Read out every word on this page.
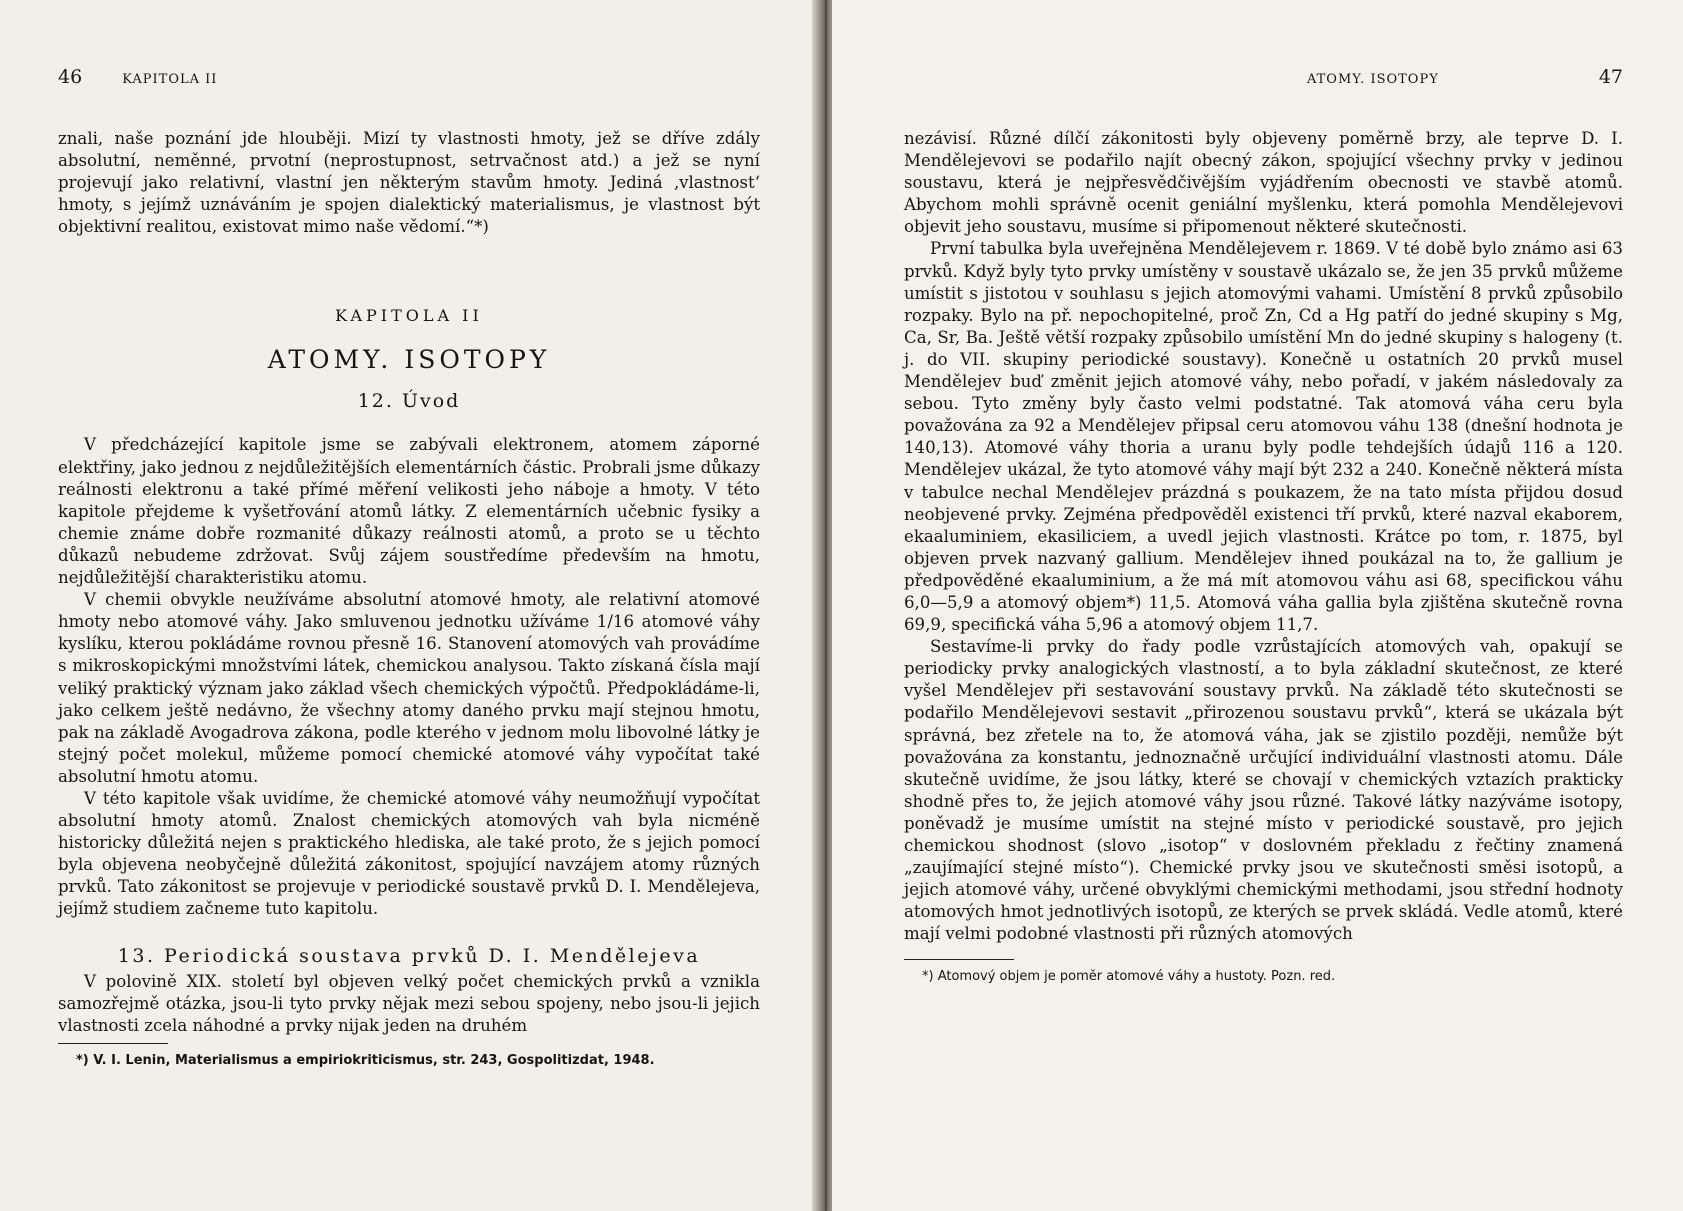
46	KAPITOLA II

znali, naše poznání jde hlouběji. Mizí ty vlastnosti hmoty, jež se dříve zdály absolutní, neměnné, prvotní (neprostupnost, setrvačnost atd.) a jež se nyní projevují jako relativní, vlastní jen některým stavům hmoty. Jediná ‚vlastnost‘ hmoty, s jejímž uznáváním je spojen dialektický materialismus, je vlastnost být objektivní realitou, existovat mimo naše vědomí.“*)

KAPITOLA II
ATOMY. ISOTOPY
12. Úvod

V předcházející kapitole jsme se zabývali elektronem, atomem záporné elektřiny, jako jednou z nejdůležitějších elementárních částic. Probrali jsme důkazy reálnosti elektronu a také přímé měření velikosti jeho náboje a hmoty. V této kapitole přejdeme k vyšetřování atomů látky. Z elementárních učebnic fysiky a chemie známe dobře rozmanité důkazy reálnosti atomů, a proto se u těchto důkazů nebudeme zdržovat. Svůj zájem soustředíme především na hmotu, nejdůležitější charakteristiku atomu.

V chemii obvykle neužíváme absolutní atomové hmoty, ale relativní atomové hmoty nebo atomové váhy. Jako smluvenou jednotku užíváme 1/16 atomové váhy kyslíku, kterou pokládáme rovnou přesně 16. Stanovení atomových vah provádíme s mikroskopickými množstvími látek, chemickou analysou. Takto získaná čísla mají veliký praktický význam jako základ všech chemických výpočtů. Předpokládáme-li, jako celkem ještě nedávno, že všechny atomy daného prvku mají stejnou hmotu, pak na základě Avogadrova zákona, podle kterého v jednom molu libovolné látky je stejný počet molekul, můžeme pomocí chemické atomové váhy vypočítat také absolutní hmotu atomu.

V této kapitole však uvidíme, že chemické atomové váhy neumožňují vypočítat absolutní hmoty atomů. Znalost chemických atomových vah byla nicméně historicky důležitá nejen s praktického hlediska, ale také proto, že s jejich pomocí byla objevena neobyčejně důležitá zákonitost, spojující navzájem atomy různých prvků. Tato zákonitost se projevuje v periodické soustavě prvků D. I. Mendělejeva, jejímž studiem začneme tuto kapitolu.

13. Periodická soustava prvků D. I. Mendělejeva

V polovině XIX. století byl objeven velký počet chemických prvků a vznikla samozřejmě otázka, jsou-li tyto prvky nějak mezi sebou spojeny, nebo jsou-li jejich vlastnosti zcela náhodné a prvky nijak jeden na druhém

*) V. I. Lenin, Materialismus a empiriokriticismus, str. 243, Gospolitizdat, 1948.
ATOMY. ISOTOPY	47

nezávisí. Různé dílčí zákonitosti byly objeveny poměrně brzy, ale teprve D. I. Mendělejevovi se podařilo najít obecný zákon, spojující všechny prvky v jedinou soustavu, která je nejpřesvědčivějším vyjádřením obecnosti ve stavbě atomů. Abychom mohli správně ocenit geniální myšlenku, která pomohla Mendělejevovi objevit jeho soustavu, musíme si připomenout některé skutečnosti.

První tabulka byla uveřejněna Mendělejevem r. 1869. V té době bylo známo asi 63 prvků. Když byly tyto prvky umístěny v soustavě ukázalo se, že jen 35 prvků můžeme umístit s jistotou v souhlasu s jejich atomovými vahami. Umístění 8 prvků způsobilo rozpaky. Bylo na př. nepochopitelné, proč Zn, Cd a Hg patří do jedné skupiny s Mg, Ca, Sr, Ba. Ještě větší rozpaky způsobilo umístění Mn do jedné skupiny s halogeny (t. j. do VII. skupiny periodické soustavy). Konečně u ostatních 20 prvků musel Mendělejev buď změnit jejich atomové váhy, nebo pořadí, v jakém následovaly za sebou. Tyto změny byly často velmi podstatné. Tak atomová váha ceru byla považována za 92 a Mendělejev připsal ceru atomovou váhu 138 (dnešní hodnota je 140,13). Atomové váhy thoria a uranu byly podle tehdejších údajů 116 a 120. Mendělejev ukázal, že tyto atomové váhy mají být 232 a 240. Konečně některá místa v tabulce nechal Mendělejev prázdná s poukazem, že na tato místa přijdou dosud neobjevené prvky. Zejména předpověděl existenci tří prvků, které nazval ekaborem, ekaaluminiem, ekasiliciem, a uvedl jejich vlastnosti. Krátce po tom, r. 1875, byl objeven prvek nazvaný gallium. Mendělejev ihned poukázal na to, že gallium je předpověděné ekaaluminium, a že má mít atomovou váhu asi 68, specifickou váhu 6,0—5,9 a atomový objem*) 11,5. Atomová váha gallia byla zjištěna skutečně rovna 69,9, specifická váha 5,96 a atomový objem 11,7.

Sestavíme-li prvky do řady podle vzrůstajících atomových vah, opakují se periodicky prvky analogických vlastností, a to byla základní skutečnost, ze které vyšel Mendělejev při sestavování soustavy prvků. Na základě této skutečnosti se podařilo Mendělejevovi sestavit „přirozenou soustavu prvků“, která se ukázala být správná, bez zřetele na to, že atomová váha, jak se zjistilo později, nemůže být považována za konstantu, jednoznačně určující individuální vlastnosti atomu. Dále skutečně uvidíme, že jsou látky, které se chovají v chemických vztazích prakticky shodně přes to, že jejich atomové váhy jsou různé. Takové látky nazýváme isotopy, poněvadž je musíme umístit na stejné místo v periodické soustavě, pro jejich chemickou shodnost (slovo „isotop“ v doslovném překladu z řečtiny znamená „zaujímající stejné místo“). Chemické prvky jsou ve skutečnosti směsi isotopů, a jejich atomové váhy, určené obvyklými chemickými methodami, jsou střední hodnoty atomových hmot jednotlivých isotopů, ze kterých se prvek skládá. Vedle atomů, které mají velmi podobné vlastnosti při různých atomových

*) Atomový objem je poměr atomové váhy a hustoty. Pozn. red.
